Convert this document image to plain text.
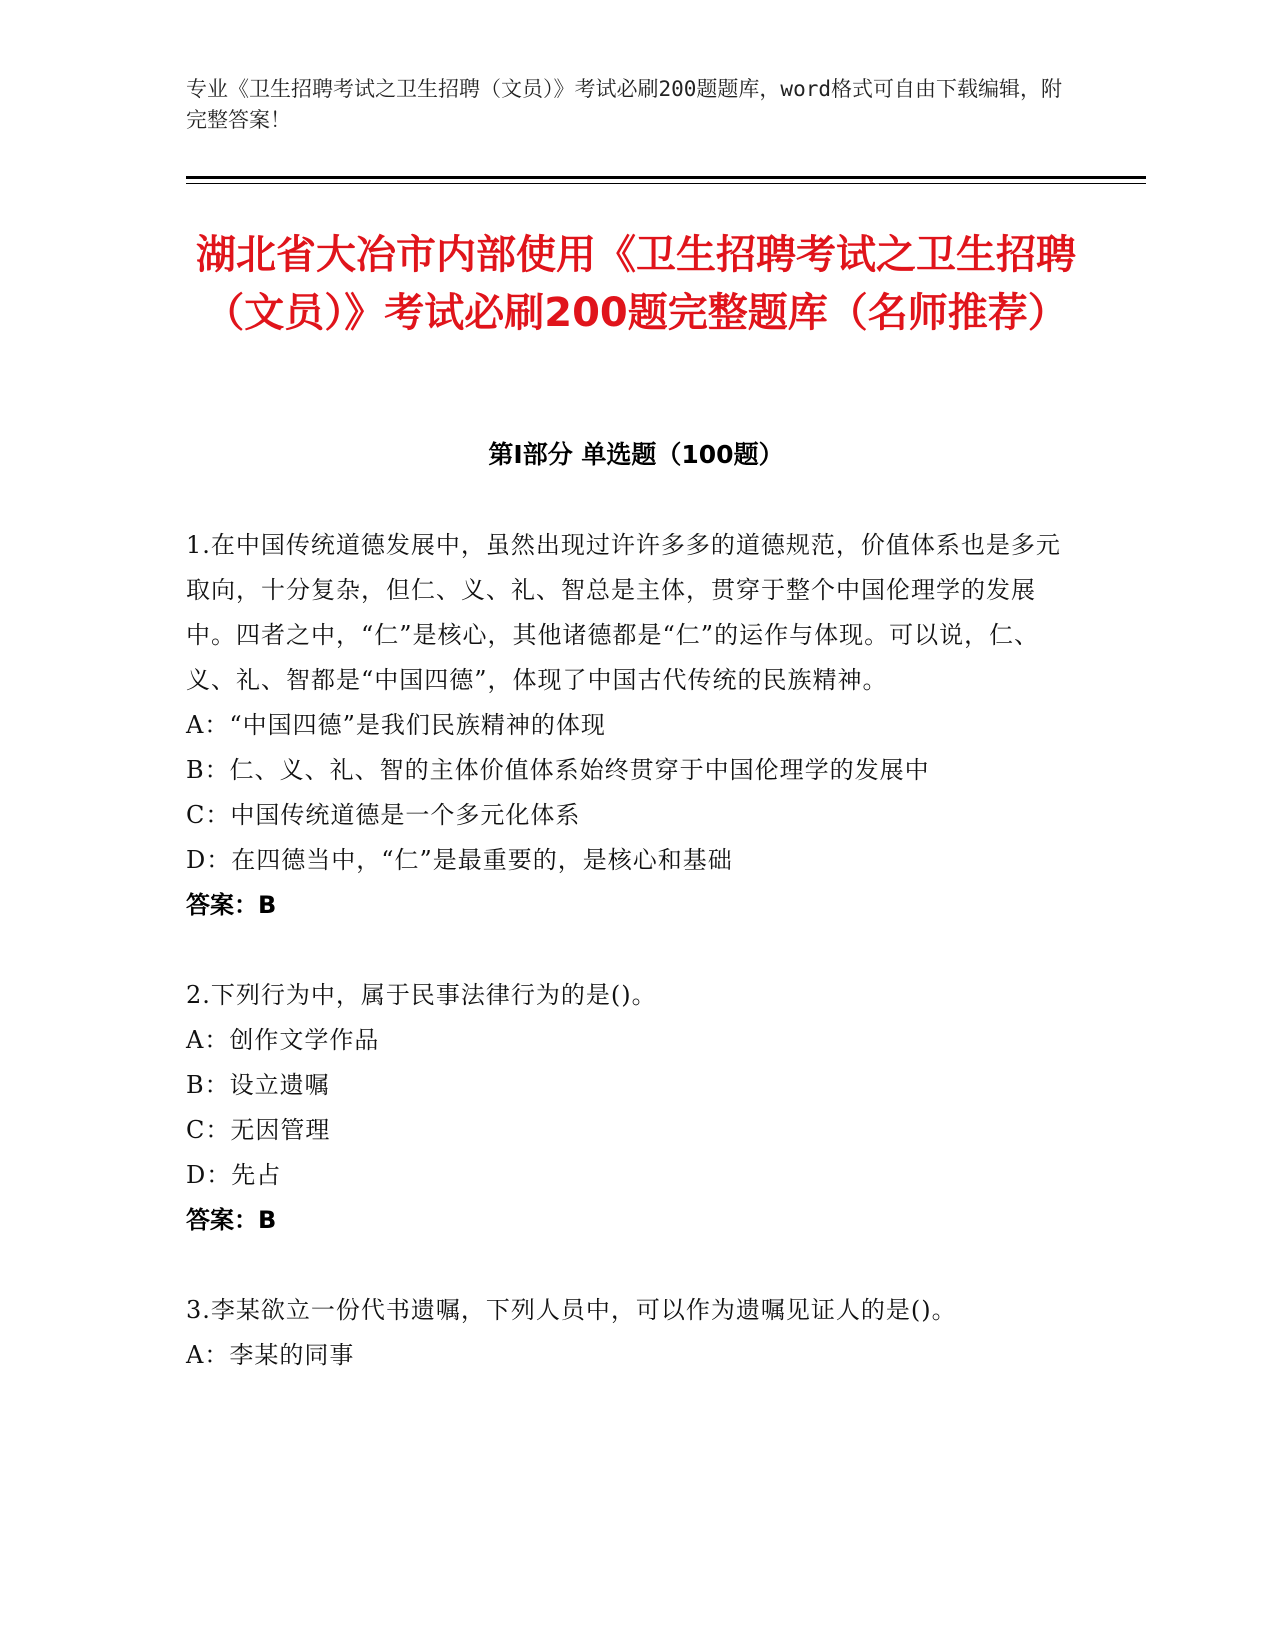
专业《卫生招聘考试之卫生招聘（文员）》考试必刷200题题库，word格式可自由下载编辑，附完整答案！
湖北省大冶市内部使用《卫生招聘考试之卫生招聘（文员）》考试必刷200题完整题库（名师推荐）
第Ⅰ部分 单选题（100题）

1.在中国传统道德发展中，虽然出现过许许多多的道德规范，价值体系也是多元取向，十分复杂，但仁、义、礼、智总是主体，贯穿于整个中国伦理学的发展中。四者之中，“仁”是核心，其他诸德都是“仁”的运作与体现。可以说，仁、义、礼、智都是“中国四德”，体现了中国古代传统的民族精神。

A：“中国四德”是我们民族精神的体现

B：仁、义、礼、智的主体价值体系始终贯穿于中国伦理学的发展中

C：中国传统道德是一个多元化体系

D：在四德当中，“仁”是最重要的，是核心和基础

答案：B

2.下列行为中，属于民事法律行为的是()。

A：创作文学作品

B：设立遗嘱

C：无因管理

D：先占

答案：B

3.李某欲立一份代书遗嘱，下列人员中，可以作为遗嘱见证人的是()。

A：李某的同事
